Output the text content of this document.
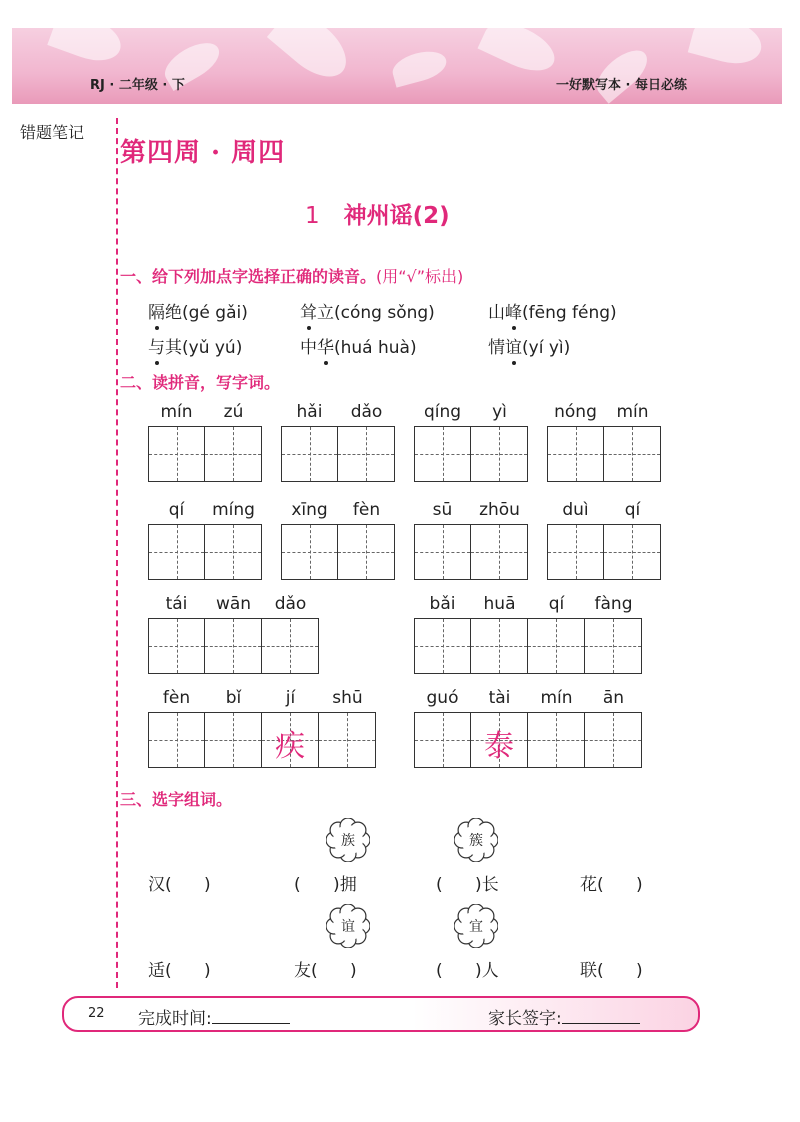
RJ · 二年级 · 下	一好默写本 · 每日必练
错题笔记
第四周 · 周四
1 神州谣(2)
一、给下列加点字选择正确的读音。(用“√”标出)
隔绝(gé gǎi)	耸立(cóng sǒng)	山峰(fēng féng)
与其(yǔ yú)	中华(huá huà)	情谊(yí yì)
二、读拼音，写字词。
mín	zú	hǎi	dǎo	qíng	yì	nóng	mín
qí	míng	xīng	fèn	sū	zhōu	duì	qí
tái	wān	dǎo	bǎi	huā	qí	fàng
fèn	bǐ	jí	shū
疾
guó	tài	mín	ān
泰
三、选字组词。
族	簇
谊	宜
汉(      )	(      )拥	(      )长	花(      )
适(      )	友(      )	(      )人	联(      )
22 完成时间:	家长签字:
